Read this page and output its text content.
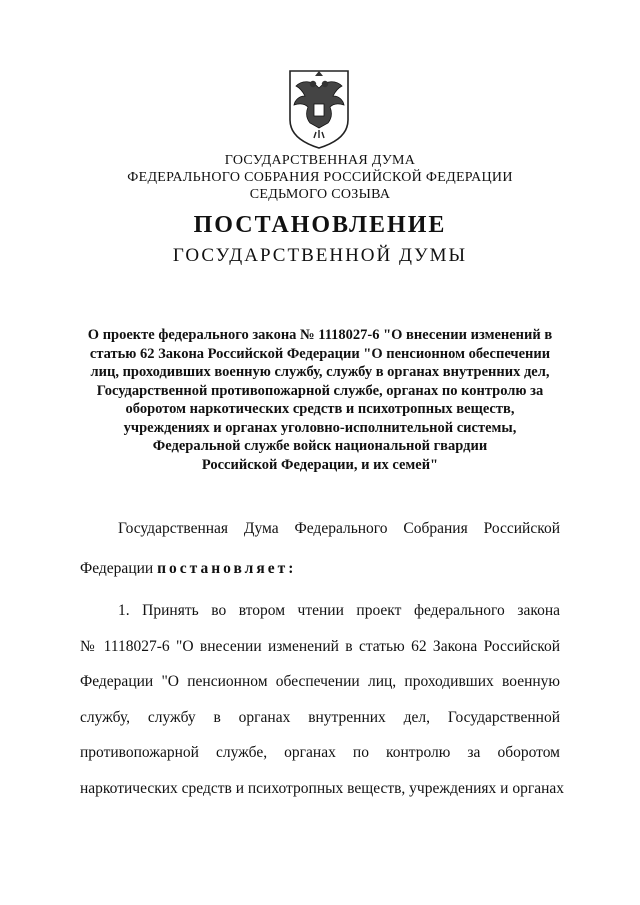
ГОСУДАРСТВЕННАЯ ДУМА
ФЕДЕРАЛЬНОГО СОБРАНИЯ РОССИЙСКОЙ ФЕДЕРАЦИИ
СЕДЬМОГО СОЗЫВА
ПОСТАНОВЛЕНИЕ
ГОСУДАРСТВЕННОЙ ДУМЫ
О проекте федерального закона № 1118027-6 "О внесении изменений в
статью 62 Закона Российской Федерации "О пенсионном обеспечении
лиц, проходивших военную службу, службу в органах внутренних дел,
Государственной противопожарной службе, органах по контролю за
оборотом наркотических средств и психотропных веществ,
учреждениях и органах уголовно-исполнительной системы,
Федеральной службе войск национальной гвардии
Российской Федерации, и их семей"
Государственная Дума Федерального Собрания Российской
Федерации постановляет:
1. Принять во втором чтении проект федерального закона
№ 1118027-6 "О внесении изменений в статью 62 Закона Российской
Федерации "О пенсионном обеспечении лиц, проходивших военную
службу, службу в органах внутренних дел, Государственной
противопожарной службе, органах по контролю за оборотом
наркотических средств и психотропных веществ, учреждениях и органах
